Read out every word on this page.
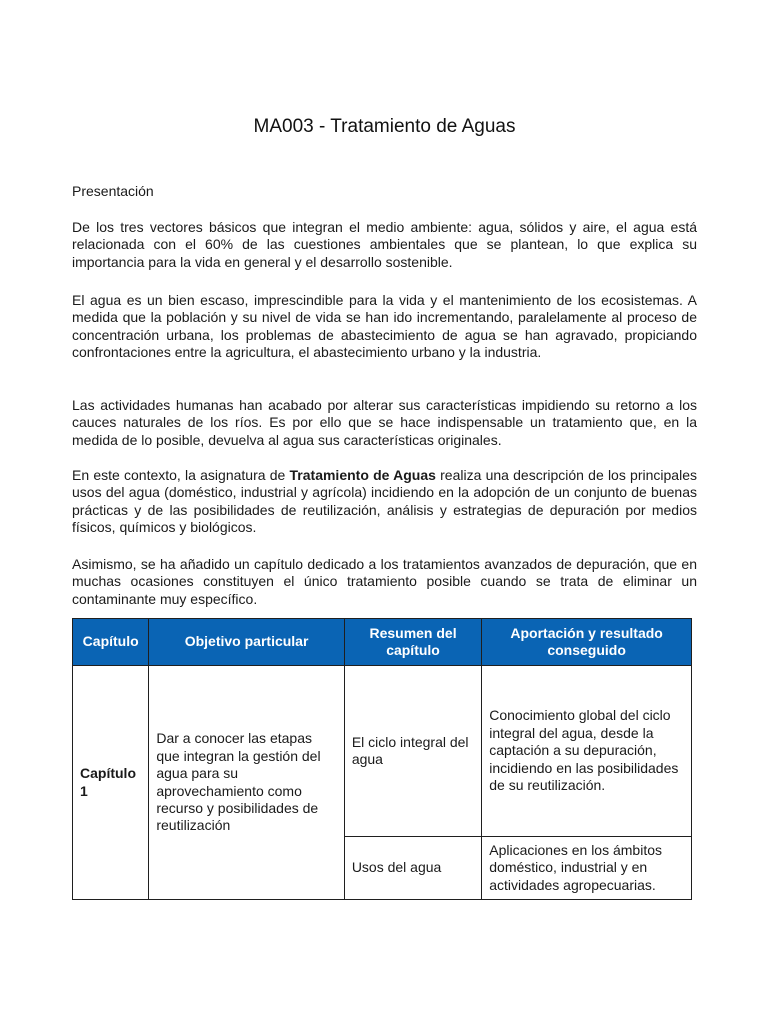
MA003 - Tratamiento de Aguas
Presentación
De los tres vectores básicos que integran el medio ambiente: agua, sólidos y aire, el agua está relacionada con el 60% de las cuestiones ambientales que se plantean, lo que explica su importancia para la vida en general y el desarrollo sostenible.
El agua es un bien escaso, imprescindible para la vida y el mantenimiento de los ecosistemas. A medida que la población y su nivel de vida se han ido incrementando, paralelamente al proceso de concentración urbana, los problemas de abastecimiento de agua se han agravado, propiciando confrontaciones entre la agricultura, el abastecimiento urbano y la industria.
Las actividades humanas han acabado por alterar sus características impidiendo su retorno a los cauces naturales de los ríos. Es por ello que se hace indispensable un tratamiento que, en la medida de lo posible, devuelva al agua sus características originales.
En este contexto, la asignatura de Tratamiento de Aguas realiza una descripción de los principales usos del agua (doméstico, industrial y agrícola) incidiendo en la adopción de un conjunto de buenas prácticas y de las posibilidades de reutilización, análisis y estrategias de depuración por medios físicos, químicos y biológicos.
Asimismo, se ha añadido un capítulo dedicado a los tratamientos avanzados de depuración, que en muchas ocasiones constituyen el único tratamiento posible cuando se trata de eliminar un contaminante muy específico.
Capítulo	Objetivo particular	Resumen del capítulo	Aportación y resultado conseguido
Capítulo 1	Dar a conocer las etapas que integran la gestión del agua para su aprovechamiento como recurso y posibilidades de reutilización	El ciclo integral del agua	Conocimiento global del ciclo integral del agua, desde la captación a su depuración, incidiendo en las posibilidades de su reutilización.
		Usos del agua	Aplicaciones en los ámbitos doméstico, industrial y en actividades agropecuarias.
